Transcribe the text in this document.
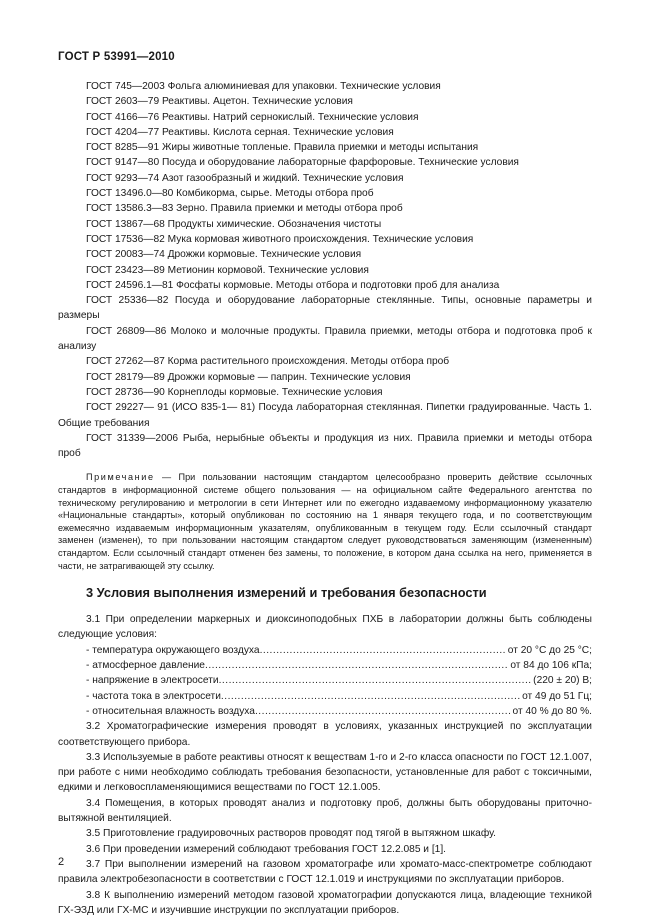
ГОСТ Р 53991—2010

ГОСТ 745—2003 Фольга алюминиевая для упаковки. Технические условия

ГОСТ 2603—79 Реактивы. Ацетон. Технические условия

ГОСТ 4166—76 Реактивы. Натрий сернокислый. Технические условия

ГОСТ 4204—77 Реактивы. Кислота серная. Технические условия

ГОСТ 8285—91 Жиры животные топленые. Правила приемки и методы испытания

ГОСТ 9147—80 Посуда и оборудование лабораторные фарфоровые. Технические условия

ГОСТ 9293—74 Азот газообразный и жидкий. Технические условия

ГОСТ 13496.0—80 Комбикорма, сырье. Методы отбора проб

ГОСТ 13586.3—83 Зерно. Правила приемки и методы отбора проб

ГОСТ 13867—68 Продукты химические. Обозначения чистоты

ГОСТ 17536—82 Мука кормовая животного происхождения. Технические условия

ГОСТ 20083—74 Дрожжи кормовые. Технические условия

ГОСТ 23423—89 Метионин кормовой. Технические условия

ГОСТ 24596.1—81 Фосфаты кормовые. Методы отбора и подготовки проб для анализа

ГОСТ 25336—82 Посуда и оборудование лабораторные стеклянные. Типы, основные параметры и размеры

ГОСТ 26809—86 Молоко и молочные продукты. Правила приемки, методы отбора и подготовка проб к анализу

ГОСТ 27262—87 Корма растительного происхождения. Методы отбора проб

ГОСТ 28179—89 Дрожжи кормовые — паприн. Технические условия

ГОСТ 28736—90 Корнеплоды кормовые. Технические условия

ГОСТ 29227— 91 (ИСО 835-1— 81) Посуда лабораторная стеклянная. Пипетки градуированные. Часть 1. Общие требования

ГОСТ 31339—2006 Рыба, нерыбные объекты и продукция из них. Правила приемки и методы отбора проб

Примечание — При пользовании настоящим стандартом целесообразно проверить действие ссылочных стандартов в информационной системе общего пользования — на официальном сайте Федерального агентства по техническому регулированию и метрологии в сети Интернет или по ежегодно издаваемому информационному указателю «Национальные стандарты», который опубликован по состоянию на 1 января текущего года, и по соответствующим ежемесячно издаваемым информационным указателям, опубликованным в текущем году. Если ссылочный стандарт заменен (изменен), то при пользовании настоящим стандартом следует руководствоваться заменяющим (измененным) стандартом. Если ссылочный стандарт отменен без замены, то положение, в котором дана ссылка на него, применяется в части, не затрагивающей эту ссылку.

3 Условия выполнения измерений и требования безопасности

3.1 При определении маркерных и диоксиноподобных ПХБ в лаборатории должны быть соблюдены следующие условия:

- температура окружающего воздуха .....	от 20 °С до 25 °С;
- атмосферное давление .....	от 84 до 106 кПа;
- напряжение в электросети .....	(220 ± 20) В;
- частота тока в электросети .....	от 49 до 51 Гц;
- относительная влажность воздуха .....	от 40 % до 80 %.

3.2 Хроматографические измерения проводят в условиях, указанных инструкцией по эксплуатации соответствующего прибора.

3.3 Используемые в работе реактивы относят к веществам 1-го и 2-го класса опасности по ГОСТ 12.1.007, при работе с ними необходимо соблюдать требования безопасности, установленные для работ с токсичными, едкими и легковоспламеняющимися веществами по ГОСТ 12.1.005.

3.4 Помещения, в которых проводят анализ и подготовку проб, должны быть оборудованы приточно-вытяжной вентиляцией.

3.5 Приготовление градуировочных растворов проводят под тягой в вытяжном шкафу.

3.6 При проведении измерений соблюдают требования ГОСТ 12.2.085 и [1].

3.7 При выполнении измерений на газовом хроматографе или хромато-масс-спектрометре соблюдают правила электробезопасности в соответствии с ГОСТ 12.1.019 и инструкциями по эксплуатации приборов.

3.8 К выполнению измерений методом газовой хроматографии допускаются лица, владеющие техникой ГХ-ЭЗД или ГХ-МС и изучившие инструкции по эксплуатации приборов.

2
